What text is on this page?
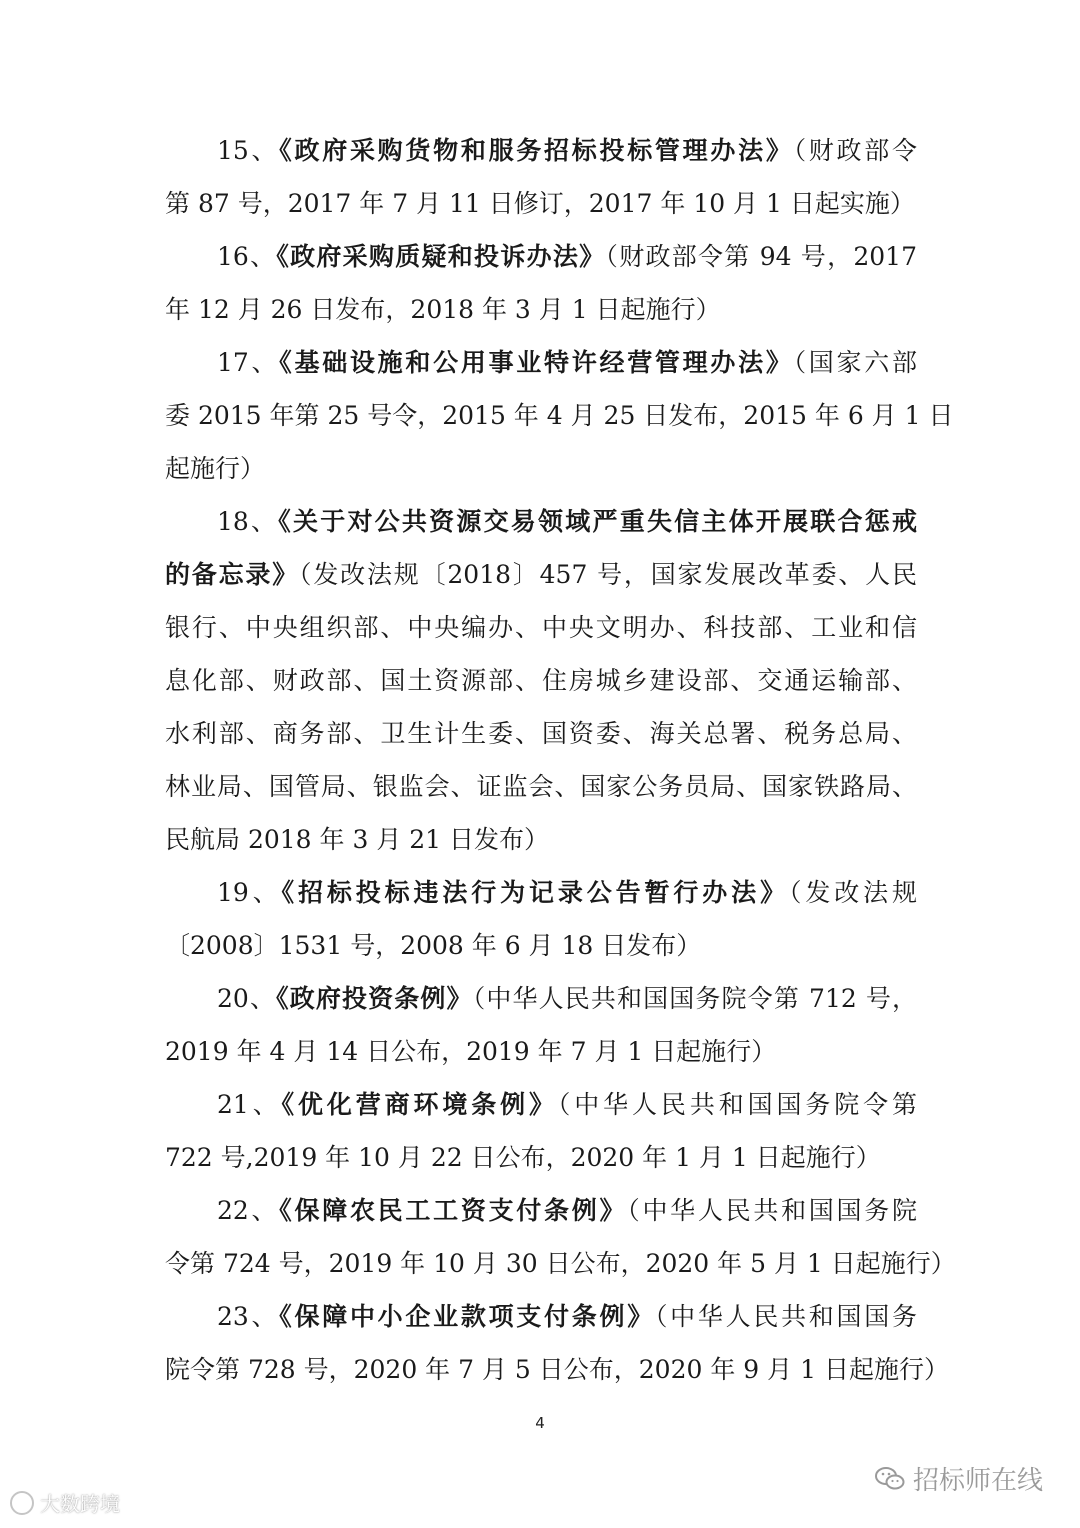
15、《政府采购货物和服务招标投标管理办法》（财政部令
第 87 号，2017 年 7 月 11 日修订，2017 年 10 月 1 日起实施）
16、《政府采购质疑和投诉办法》（财政部令第 94 号，2017
年 12 月 26 日发布，2018 年 3 月 1 日起施行）
17、《基础设施和公用事业特许经营管理办法》（国家六部
委 2015 年第 25 号令，2015 年 4 月 25 日发布，2015 年 6 月 1 日
起施行）
18、《关于对公共资源交易领域严重失信主体开展联合惩戒
的备忘录》（发改法规〔2018〕457 号，国家发展改革委、人民
银行、中央组织部、中央编办、中央文明办、科技部、工业和信
息化部、财政部、国土资源部、住房城乡建设部、交通运输部、
水利部、商务部、卫生计生委、国资委、海关总署、税务总局、
林业局、国管局、银监会、证监会、国家公务员局、国家铁路局、
民航局 2018 年 3 月 21 日发布）
19、《招标投标违法行为记录公告暂行办法》（发改法规
〔2008〕1531 号，2008 年 6 月 18 日发布）
20、《政府投资条例》（中华人民共和国国务院令第 712 号，
2019 年 4 月 14 日公布，2019 年 7 月 1 日起施行）
21、《优化营商环境条例》（中华人民共和国国务院令第
722 号,2019 年 10 月 22 日公布，2020 年 1 月 1 日起施行）
22、《保障农民工工资支付条例》（中华人民共和国国务院
令第 724 号，2019 年 10 月 30 日公布，2020 年 5 月 1 日起施行）
23、《保障中小企业款项支付条例》（中华人民共和国国务
院令第 728 号，2020 年 7 月 5 日公布，2020 年 9 月 1 日起施行）
4
大数跨境
招标师在线
